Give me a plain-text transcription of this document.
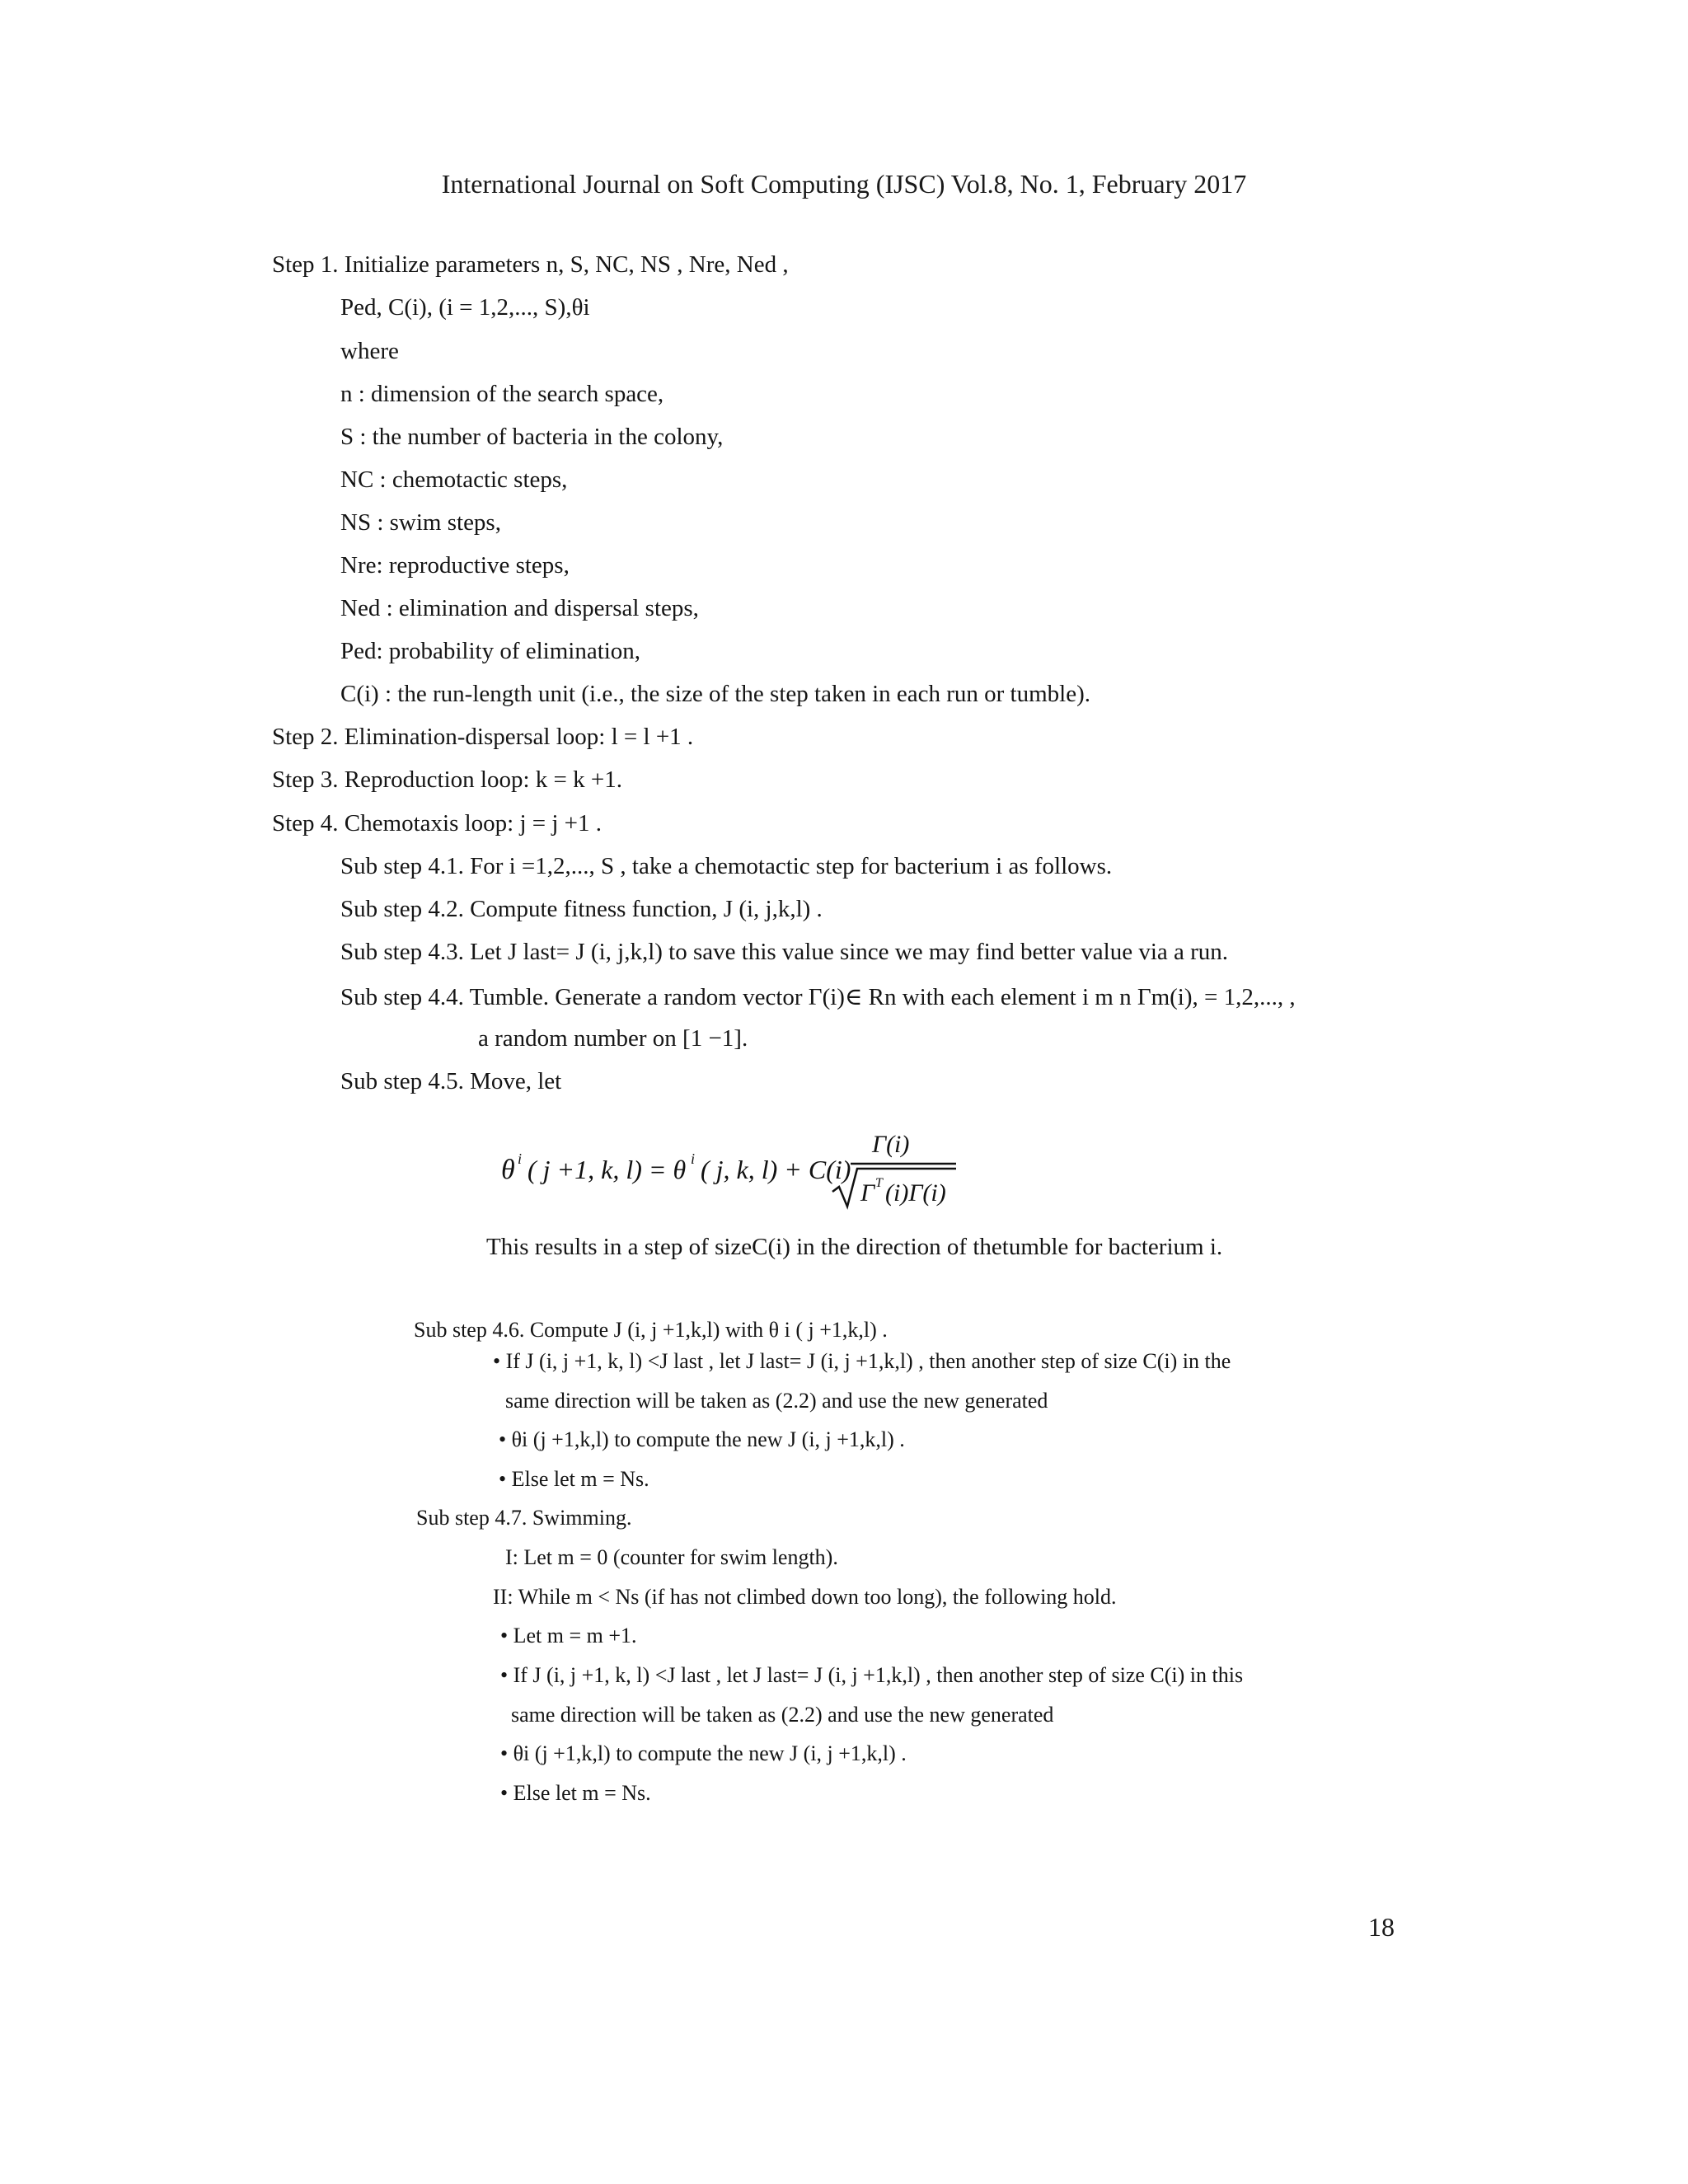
International Journal on Soft Computing (IJSC) Vol.8, No. 1, February 2017
Step 1. Initialize parameters n, S, NC, NS , Nre, Ned ,
Ped, C(i), (i = 1,2,..., S),θi
where
n : dimension of the search space,
S : the number of bacteria in the colony,
NC : chemotactic steps,
NS : swim steps,
Nre: reproductive steps,
Ned : elimination and dispersal steps,
Ped: probability of elimination,
C(i) : the run-length unit (i.e., the size of the step taken in each run or tumble).
Step 2. Elimination-dispersal loop: l = l +1 .
Step 3. Reproduction loop: k = k +1.
Step 4. Chemotaxis loop: j = j +1 .
Sub step 4.1. For i =1,2,..., S , take a chemotactic step for bacterium i as follows.
Sub step 4.2. Compute fitness function, J (i, j,k,l) .
Sub step 4.3. Let J last= J (i, j,k,l) to save this value since we may find better value via a run.
Sub step 4.4. Tumble. Generate a random vector Γ(i)∈ Rn with each element i m n Γm(i), = 1,2,..., ,
a random number on [1 −1].
Sub step 4.5. Move, let
θ i ( j +1, k, l) = θ i ( j, k, l) + C(i)
Γ(i)
Γ T (i)Γ(i)
This results in a step of sizeC(i) in the direction of thetumble for bacterium i.
Sub step 4.6. Compute J (i, j +1,k,l) with θ i ( j +1,k,l) .
• If J (i, j +1, k, l) <J last , let J last= J (i, j +1,k,l) , then another step of size C(i) in the
same direction will be taken as (2.2) and use the new generated
• θi (j +1,k,l) to compute the new J (i, j +1,k,l) .
• Else let m = Ns.
Sub step 4.7. Swimming.
I: Let m = 0 (counter for swim length).
II: While m < Ns (if has not climbed down too long), the following hold.
• Let m = m +1.
• If J (i, j +1, k, l) <J last , let J last= J (i, j +1,k,l) , then another step of size C(i) in this
same direction will be taken as (2.2) and use the new generated
• θi (j +1,k,l) to compute the new J (i, j +1,k,l) .
• Else let m = Ns.
18
